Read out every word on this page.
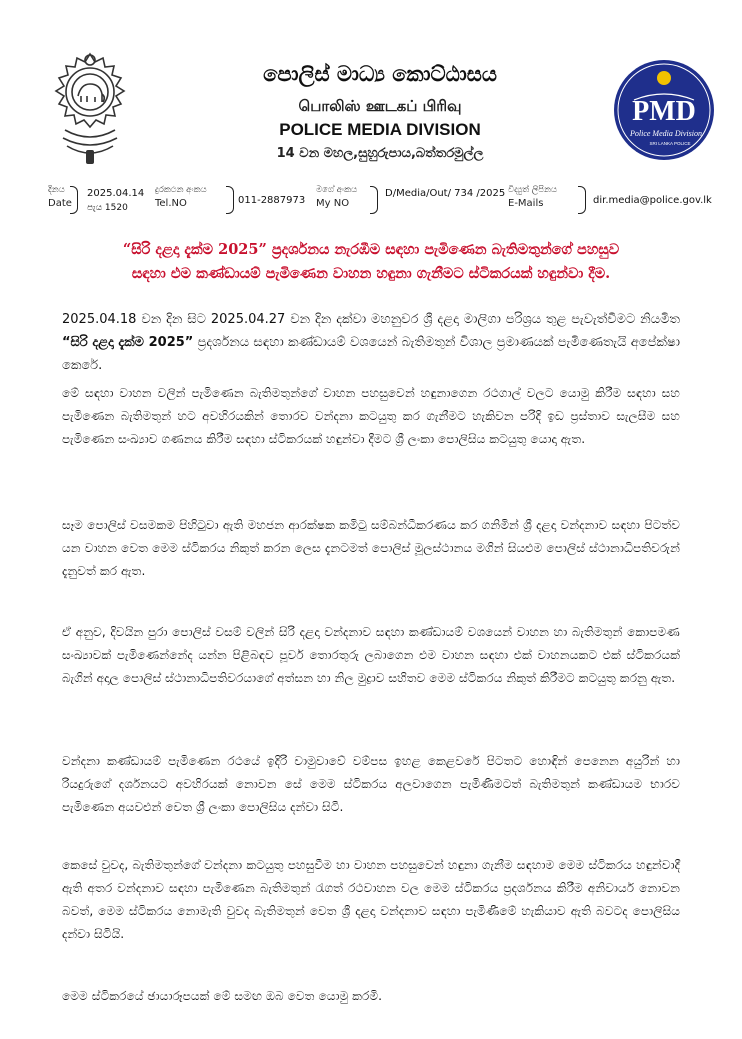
පොලිස් මාධ්‍ය කොට්ඨාසය
பொலிஸ் ஊடகப் பிரிவு
POLICE MEDIA DIVISION
14 වන මහල,සුහුරුපාය,බත්තරමුල්ල
PMD
Police Media Division
SRI LANKA POLICE
දිනය
Date
2025.04.14
පැය 1520
දුරකථන අංකය
Tel.NO	011-2887973
මගේ අංකය
My NO
D/Media/Out/ 734 /2025 විද්‍යුත් ලිපිනය
E-Mails	dir.media@police.gov.lk
“සිරි දළදා දැක්ම 2025” ප්‍රදර්ශනය නැරඹීම සඳහා පැමිණෙන බැතිමතුන්ගේ පහසුව
සඳහා එම කණ්ඩායම් පැමිණෙන වාහන හඳුනා ගැනීමට ස්ටිකරයක් හඳුන්වා දීම.

2025.04.18 වන දින සිට 2025.04.27 වන දින දක්වා මහනුවර ශ්‍රී දළදා මාලිගා පරිශ්‍රය තුළ පැවැත්වීමට නියමිත “සිරි දළදා දැක්ම 2025” ප්‍රදර්ශනය සඳහා කණ්ඩායම් වශයෙන් බැතිමතුන් විශාල ප්‍රමාණයක් පැමිණෙතැයි අපේක්ෂා කෙරේ.

මේ සඳහා වාහන වලින් පැමිණෙන බැතිමතුන්ගේ වාහන පහසුවෙන් හඳුනාගෙන රථගාල් වලට යොමු කිරීම සඳහා සහ පැමිණෙන බැතිමතුන් හට අවහිරයකින් තොරව වන්දනා කටයුතු කර ගැනීමට හැකිවන පරිදි ඉඩ ප්‍රස්තාව සැලසීම සහ පැමිණෙන සංඛ්‍යාව ගණනය කිරීම සඳහා ස්ටිකරයක් හඳුන්වා දීමට ශ්‍රී ලංකා පොලිසිය කටයුතු යොදා ඇත.

සෑම පොලිස් වසමකම පිහිටුවා ඇති මහජන ආරක්ෂක කමිටු සම්බන්ධීකරණය කර ගනිමින් ශ්‍රී දළදා වන්දනාව සඳහා පිටත්ව යන වාහන වෙත මෙම ස්ටිකරය නිකුත් කරන ලෙස දැනටමත් පොලිස් මූලස්ථානය මගින් සියළුම පොලිස් ස්ථානාධිපතිවරුන් දැනුවත් කර ඇත.

ඒ අනුව, දිවයින පුරා පොලිස් වසම් වලින් සිරි දළදා වන්දනාව සඳහා කණ්ඩායම් වශයෙන් වාහන හා බැතිමතුන් කොපමණ සංඛ්‍යාවක් පැමිණෙන්නේද යන්න පිළිබඳව පූර්ව තොරතුරු ලබාගෙන එම වාහන සඳහා එක් වාහනයකට එක් ස්ටිකරයක් බැගින් අදාල පොලිස් ස්ථානාධිපතිවරයාගේ අත්සන හා නිල මුද්‍රාව සහිතව මෙම ස්ටිකරය නිකුත් කිරීමට කටයුතු කරනු ඇත.

වන්දනා කණ්ඩායම් පැමිණෙන රථයේ ඉදිරි වාමුවාවේ වම්පස ඉහළ කෙළවරේ පිටතට හොඳින් පෙනෙන අයුරින් හා රියදුරුගේ දර්ශනයට අවහිරයක් නොවන සේ මෙම ස්ටිකරය අලවාගෙන පැමිණීමටත් බැතිමතුන් කණ්ඩායම භාරව පැමිණෙන අයවළුන් වෙත ශ්‍රී ලංකා පොලිසිය දන්වා සිටී.

කෙසේ වුවද, බැතිමතුන්ගේ වන්දනා කටයුතු පහසුවීම හා වාහන පහසුවෙන් හඳුනා ගැනීම සඳහාම මෙම ස්ටිකරය හඳුන්වාදී ඇති අතර වන්දනාව සඳහා පැමිණෙන බැතිමතුන් රැගත් රථවාහන වල මෙම ස්ටිකරය ප්‍රදර්ශනය කිරීම අනිවාර්ය නොවන බවත්, මෙම ස්ටිකරය නොමැති වුවද බැතිමතුන් වෙත ශ්‍රී දළදා වන්දනාව සඳහා පැමිණීමේ හැකියාව ඇති බවටද පොලිසිය දන්වා සිටියි.

මෙම ස්ටිකරයේ ඡායාරූපයක් මේ සමඟ ඔබ වෙත යොමු කරමි.
